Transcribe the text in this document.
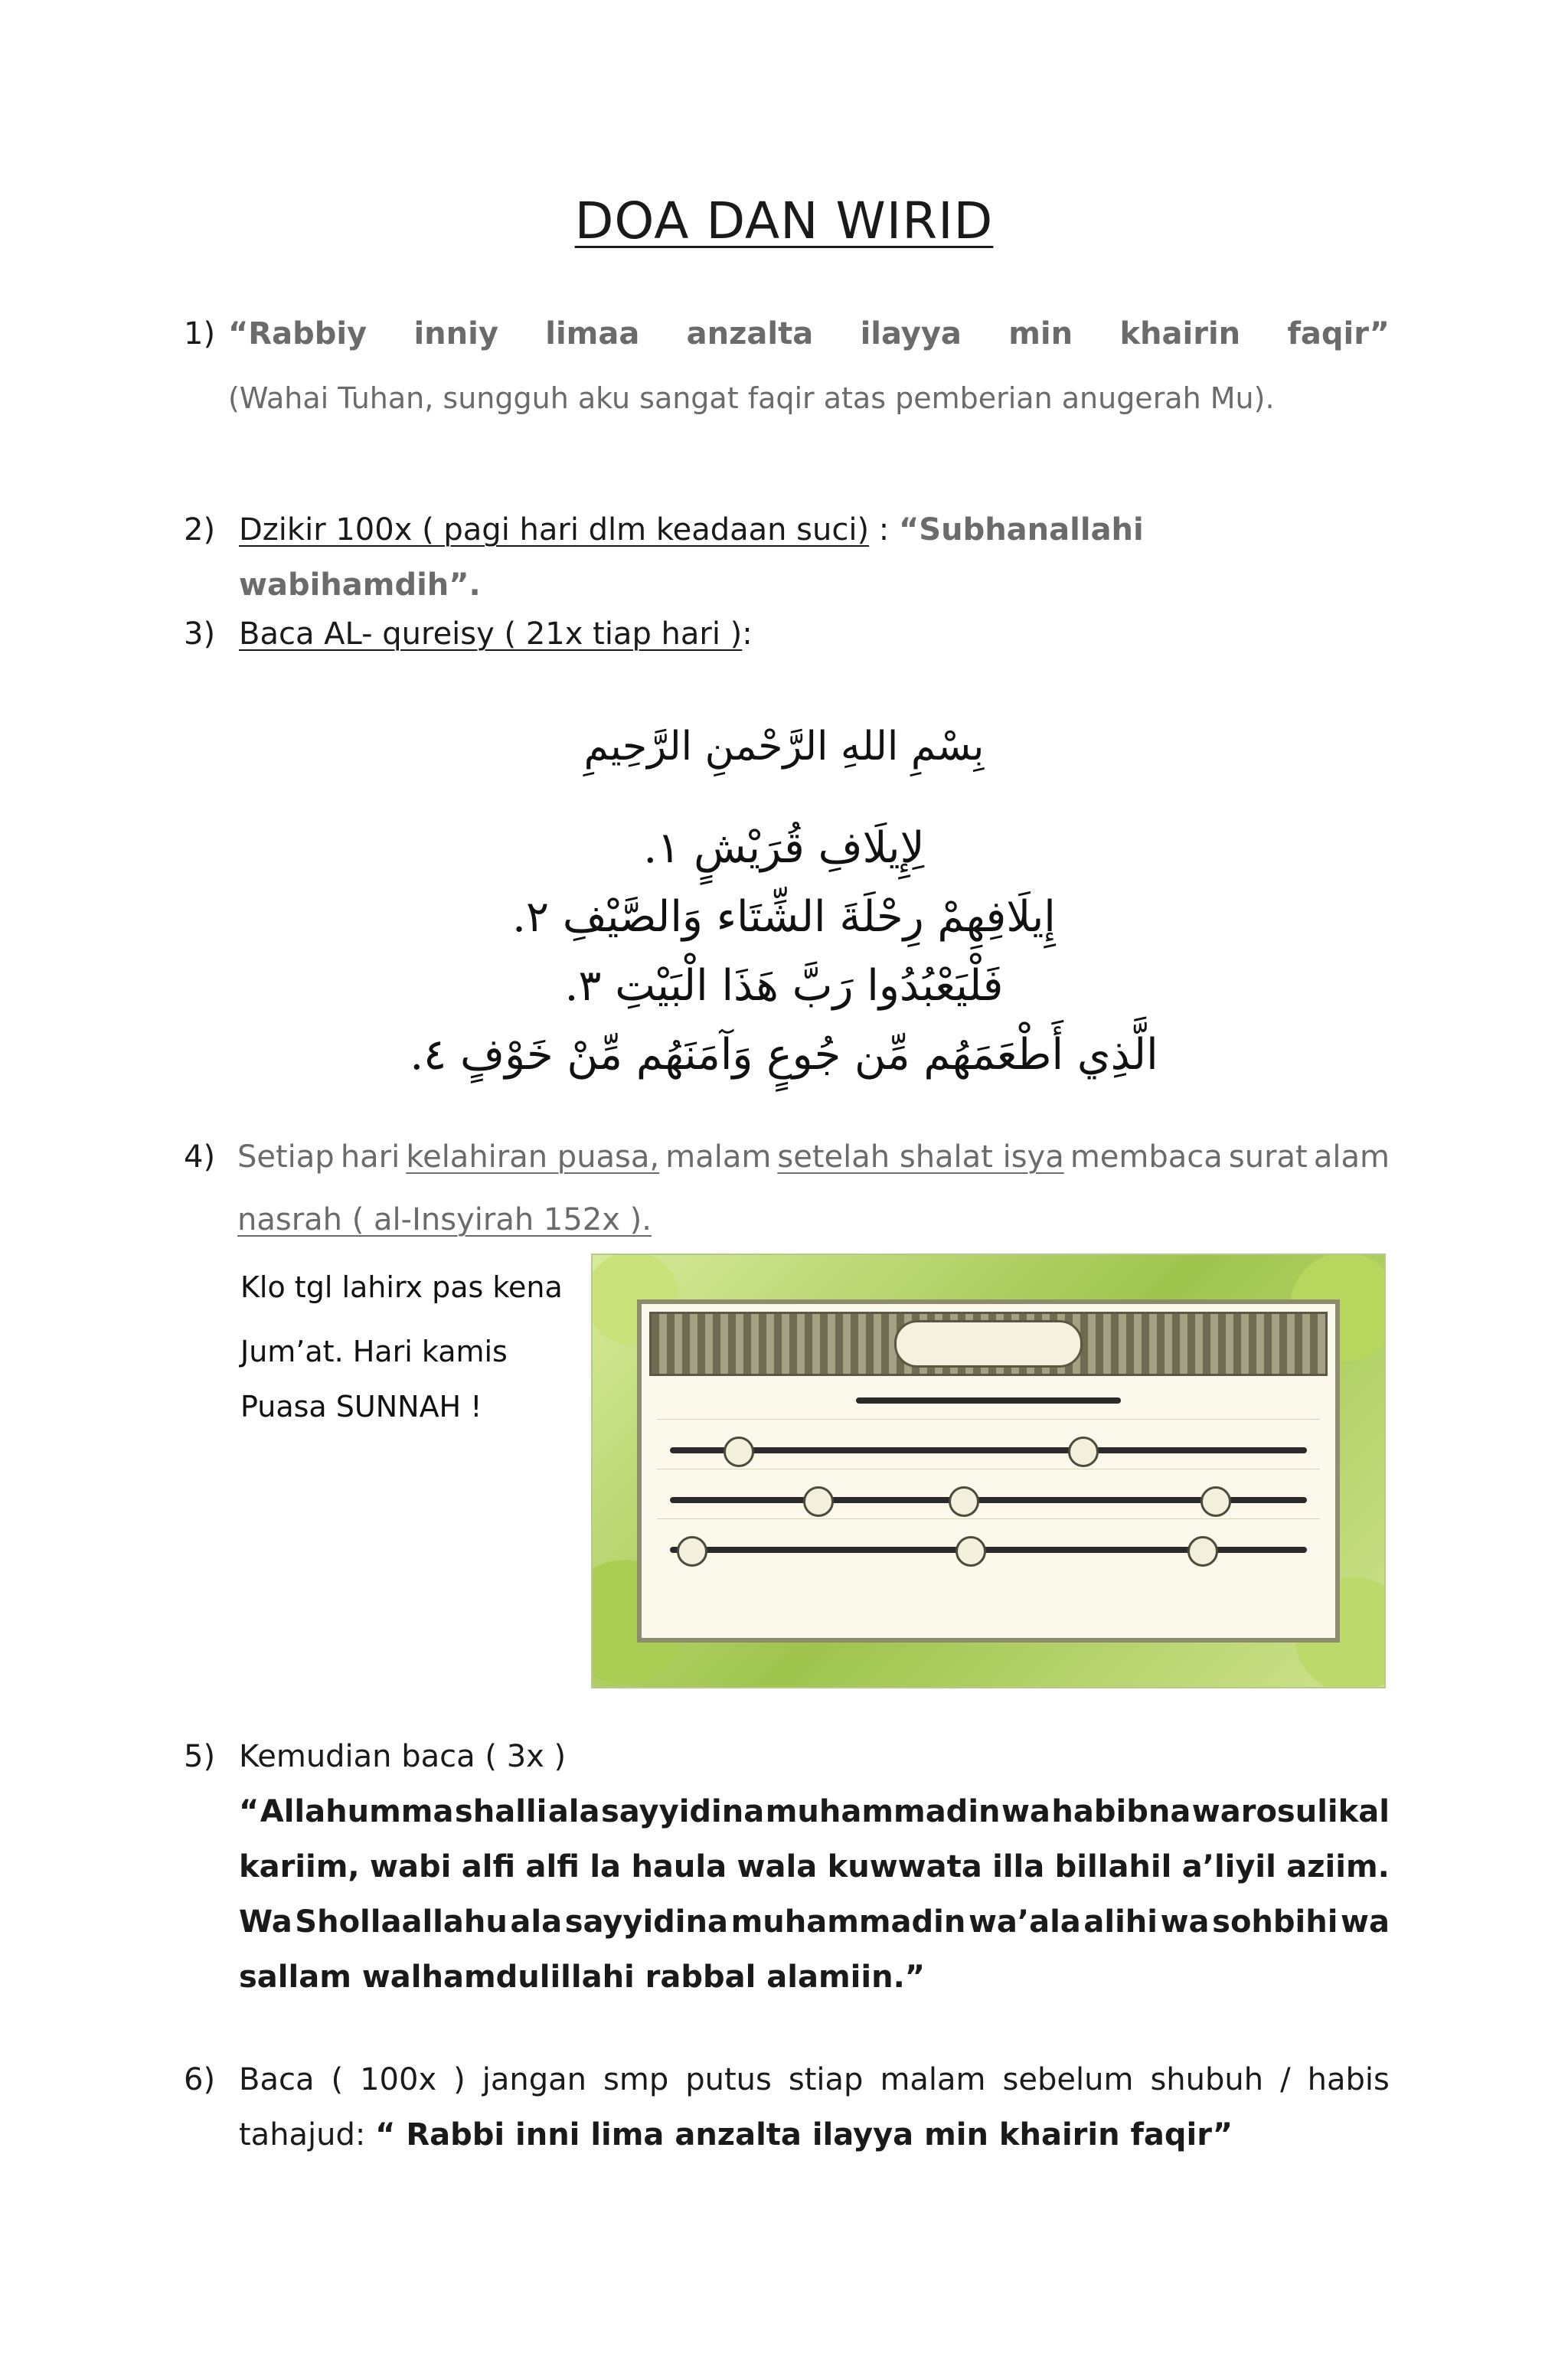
DOA DAN WIRID
1) “Rabbiy inniy limaa anzalta ilayya min khairin faqir”
(Wahai Tuhan, sungguh aku sangat faqir atas pemberian anugerah Mu).
2) Dzikir 100x ( pagi hari dlm keadaan suci) : “Subhanallahi wabihamdih”.
3) Baca AL- qureisy ( 21x tiap hari ):
بِسْمِ اللهِ الرَّحْمنِ الرَّحِيمِ
لِإِيلَافِ قُرَيْشٍ ۱.
إِيلَافِهِمْ رِحْلَةَ الشِّتَاء وَالصَّيْفِ ۲.
فَلْيَعْبُدُوا رَبَّ هَذَا الْبَيْتِ ۳.
الَّذِي أَطْعَمَهُم مِّن جُوعٍ وَآمَنَهُم مِّنْ خَوْفٍ ٤.
4) Setiap hari kelahiran puasa, malam setelah shalat isya membaca surat alam
nasrah ( al-Insyirah 152x ).
Klo tgl lahirx pas kena
Jum’at. Hari kamis
Puasa SUNNAH !
5) Kemudian baca ( 3x )
“ Allahumma shalli ala sayyidina muhammadin wa habibna warosulikal
kariim, wabi alfi alfi la haula wala kuwwata illa billahil a’liyil aziim.
Wa Shollaallahu ala sayyidina muhammadin wa’ala alihi wa sohbihi wa
sallam walhamdulillahi rabbal alamiin.”
6) Baca ( 100x ) jangan smp putus stiap malam sebelum shubuh / habis
tahajud: “ Rabbi inni lima anzalta ilayya min khairin faqir”
